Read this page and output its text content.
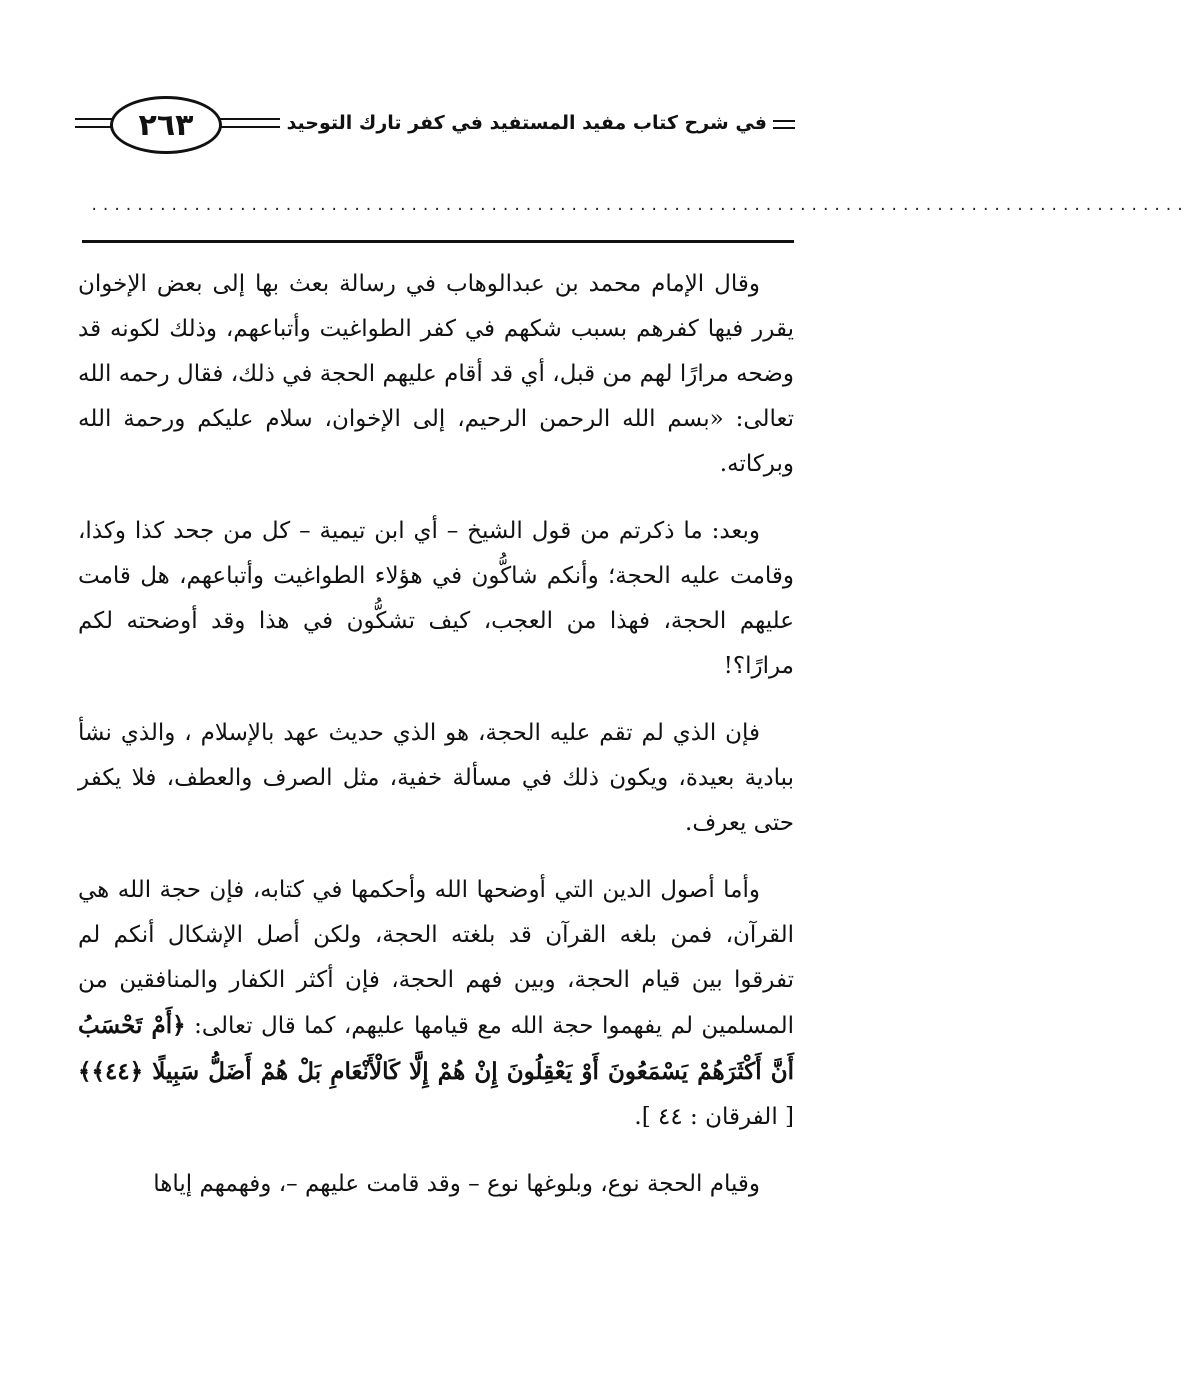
٢٦٣	في شرح كتاب مفيد المستفيد في كفر تارك التوحيد
................................................................................................

وقال الإمام محمد بن عبدالوهاب في رسالة بعث بها إلى بعض الإخوان يقرر فيها كفرهم بسبب شكهم في كفر الطواغيت وأتباعهم، وذلك لكونه قد وضحه مرارًا لهم من قبل، أي قد أقام عليهم الحجة في ذلك، فقال رحمه الله تعالى: «بسم الله الرحمن الرحيم، إلى الإخوان، سلام عليكم ورحمة الله وبركاته.

وبعد: ما ذكرتم من قول الشيخ – أي ابن تيمية – كل من جحد كذا وكذا، وقامت عليه الحجة؛ وأنكم شاكُّون في هؤلاء الطواغيت وأتباعهم، هل قامت عليهم الحجة، فهذا من العجب، كيف تشكُّون في هذا وقد أوضحته لكم مرارًا؟!

فإن الذي لم تقم عليه الحجة، هو الذي حديث عهد بالإسلام ، والذي نشأ ببادية بعيدة، ويكون ذلك في مسألة خفية، مثل الصرف والعطف، فلا يكفر حتى يعرف.

وأما أصول الدين التي أوضحها الله وأحكمها في كتابه، فإن حجة الله هي القرآن، فمن بلغه القرآن قد بلغته الحجة، ولكن أصل الإشكال أنكم لم تفرقوا بين قيام الحجة، وبين فهم الحجة، فإن أكثر الكفار والمنافقين من المسلمين لم يفهموا حجة الله مع قيامها عليهم، كما قال تعالى: ﴿أَمْ تَحْسَبُ أَنَّ أَكْثَرَهُمْ يَسْمَعُونَ أَوْ يَعْقِلُونَ إِنْ هُمْ إِلَّا كَالْأَنْعَامِ بَلْ هُمْ أَضَلُّ سَبِيلًا ﴿٤٤﴾﴾ [ الفرقان : ٤٤ ].

وقيام الحجة نوع، وبلوغها نوع – وقد قامت عليهم –، وفهمهم إياها
